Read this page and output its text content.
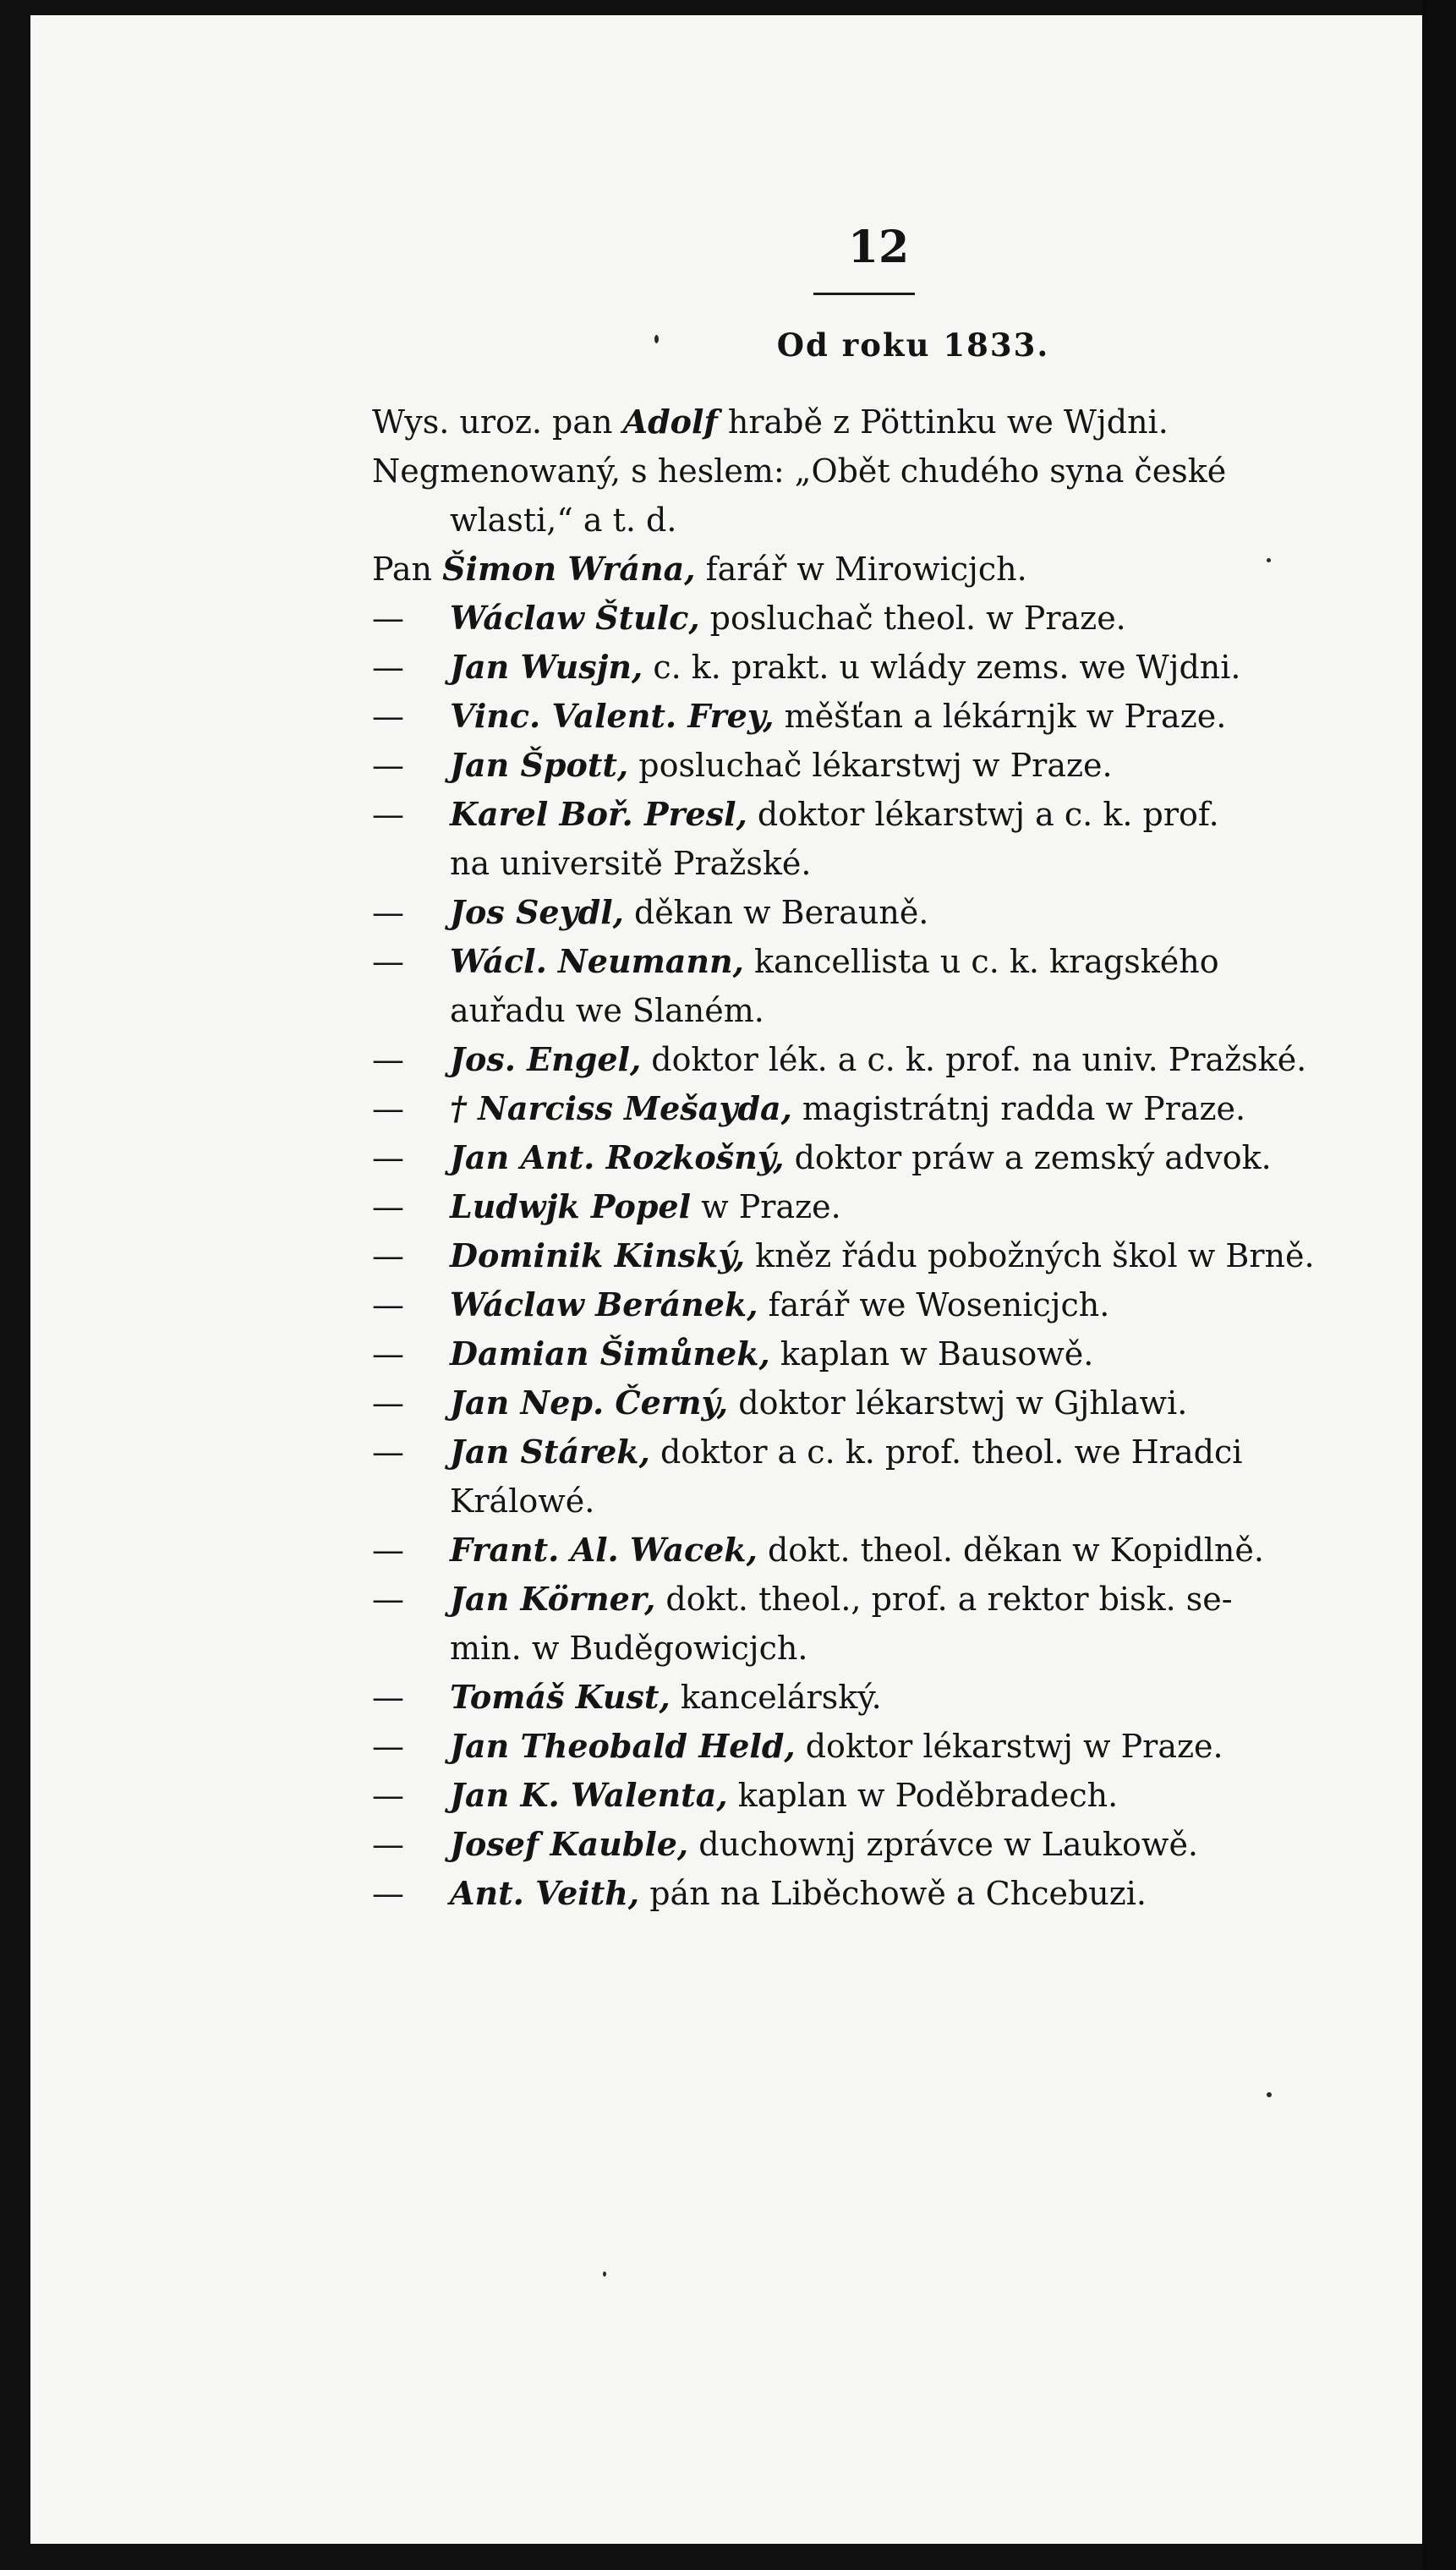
12
Od roku 1833.
Wys. uroz. pan Adolf hrabě z Pöttinku we Wjdni.
Negmenowaný, s heslem: „Obět chudého syna české
wlasti,“ a t. d.
Pan Šimon Wrána, farář w Mirowicjch.
— Wáclaw Štulc, posluchač theol. w Praze.
— Jan Wusjn, c. k. prakt. u wlády zems. we Wjdni.
— Vinc. Valent. Frey, měšťan a lékárnjk w Praze.
— Jan Špott, posluchač lékarstwj w Praze.
— Karel Boř. Presl, doktor lékarstwj a c. k. prof.
na universitě Pražské.
— Jos Seydl, děkan w Berauně.
— Wácl. Neumann, kancellista u c. k. kragského
auřadu we Slaném.
— Jos. Engel, doktor lék. a c. k. prof. na univ. Pražské.
— † Narciss Mešayda, magistrátnj radda w Praze.
— Jan Ant. Rozkošný, doktor práw a zemský advok.
— Ludwjk Popel w Praze.
— Dominik Kinský, kněz řádu pobožných škol w Brně.
— Wáclaw Beránek, farář we Wosenicjch.
— Damian Šimůnek, kaplan w Bausowě.
— Jan Nep. Černý, doktor lékarstwj w Gjhlawi.
— Jan Stárek, doktor a c. k. prof. theol. we Hradci
Králowé.
— Frant. Al. Wacek, dokt. theol. děkan w Kopidlně.
— Jan Körner, dokt. theol., prof. a rektor bisk. se-
min. w Buděgowicjch.
— Tomáš Kust, kancelárský.
— Jan Theobald Held, doktor lékarstwj w Praze.
— Jan K. Walenta, kaplan w Poděbradech.
— Josef Kauble, duchownj zprávce w Laukowě.
— Ant. Veith, pán na Liběchowě a Chcebuzi.
